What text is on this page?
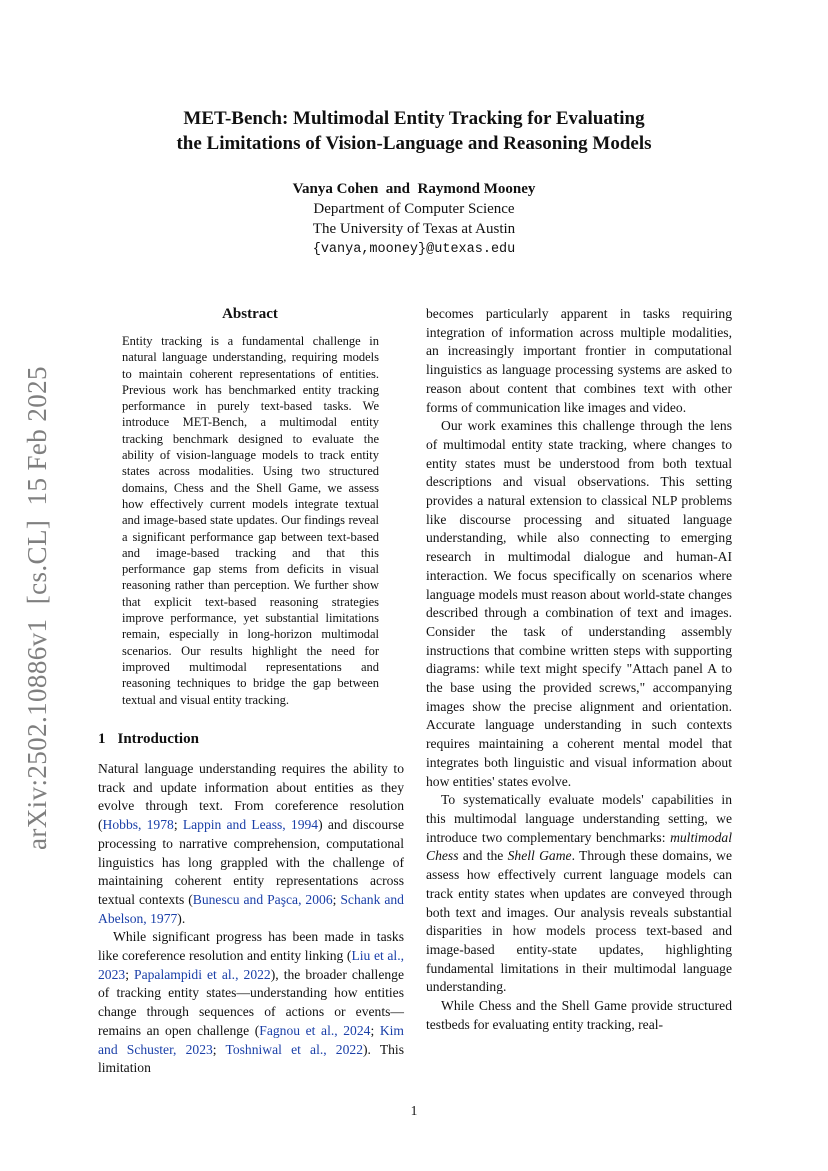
MET-Bench: Multimodal Entity Tracking for Evaluating
the Limitations of Vision-Language and Reasoning Models
Vanya Cohen  and  Raymond Mooney
Department of Computer Science
The University of Texas at Austin
{vanya,mooney}@utexas.edu
arXiv:2502.10886v1  [cs.CL]  15 Feb 2025
Abstract
Entity tracking is a fundamental challenge in natural language understanding, requiring models to maintain coherent representations of entities. Previous work has benchmarked entity tracking performance in purely text-based tasks. We introduce MET-Bench, a multimodal entity tracking benchmark designed to evaluate the ability of vision-language models to track entity states across modalities. Using two structured domains, Chess and the Shell Game, we assess how effectively current models integrate textual and image-based state updates. Our findings reveal a significant performance gap between text-based and image-based tracking and that this performance gap stems from deficits in visual reasoning rather than perception. We further show that explicit text-based reasoning strategies improve performance, yet substantial limitations remain, especially in long-horizon multimodal scenarios. Our results highlight the need for improved multimodal representations and reasoning techniques to bridge the gap between textual and visual entity tracking.
1 Introduction

Natural language understanding requires the ability to track and update information about entities as they evolve through text. From coreference resolution (Hobbs, 1978; Lappin and Leass, 1994) and discourse processing to narrative comprehension, computational linguistics has long grappled with the challenge of maintaining coherent entity representations across textual contexts (Bunescu and Paşca, 2006; Schank and Abelson, 1977).

While significant progress has been made in tasks like coreference resolution and entity linking (Liu et al., 2023; Papalampidi et al., 2022), the broader challenge of tracking entity states—understanding how entities change through sequences of actions or events—remains an open challenge (Fagnou et al., 2024; Kim and Schuster, 2023; Toshniwal et al., 2022). This limitation

becomes particularly apparent in tasks requiring integration of information across multiple modalities, an increasingly important frontier in computational linguistics as language processing systems are asked to reason about content that combines text with other forms of communication like images and video.

Our work examines this challenge through the lens of multimodal entity state tracking, where changes to entity states must be understood from both textual descriptions and visual observations. This setting provides a natural extension to classical NLP problems like discourse processing and situated language understanding, while also connecting to emerging research in multimodal dialogue and human-AI interaction. We focus specifically on scenarios where language models must reason about world-state changes described through a combination of text and images. Consider the task of understanding assembly instructions that combine written steps with supporting diagrams: while text might specify "Attach panel A to the base using the provided screws," accompanying images show the precise alignment and orientation. Accurate language understanding in such contexts requires maintaining a coherent mental model that integrates both linguistic and visual information about how entities' states evolve.

To systematically evaluate models' capabilities in this multimodal language understanding setting, we introduce two complementary benchmarks: multimodal Chess and the Shell Game. Through these domains, we assess how effectively current language models can track entity states when updates are conveyed through both text and images. Our analysis reveals substantial disparities in how models process text-based and image-based entity-state updates, highlighting fundamental limitations in their multimodal language understanding.

While Chess and the Shell Game provide structured testbeds for evaluating entity tracking, real-

1
